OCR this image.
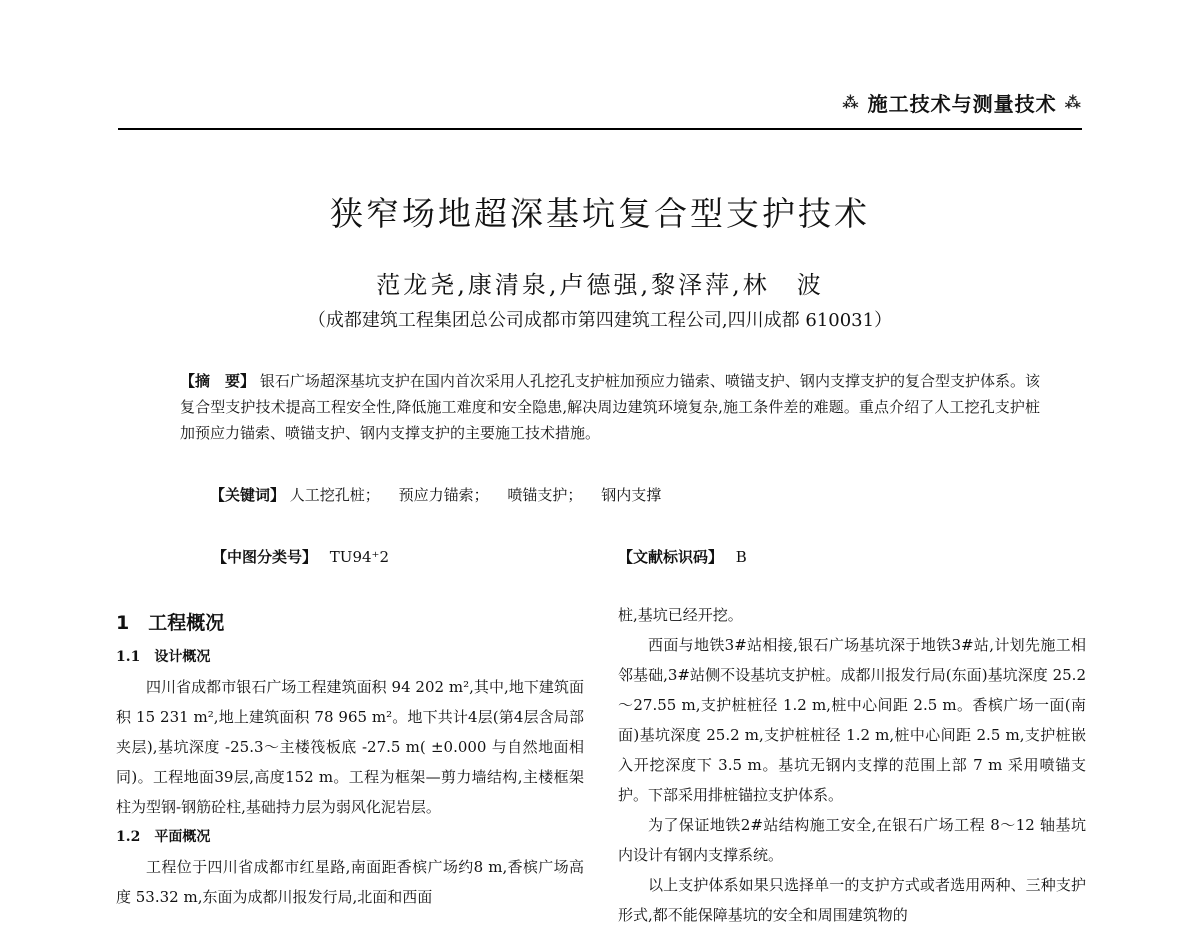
⁂ 施工技术与测量技术 ⁂
狭窄场地超深基坑复合型支护技术
范龙尧,康清泉,卢德强,黎泽萍,林　波
（成都建筑工程集团总公司成都市第四建筑工程公司,四川成都 610031）
【摘　要】 银石广场超深基坑支护在国内首次采用人孔挖孔支护桩加预应力锚索、喷锚支护、钢内支撑支护的复合型支护体系。该复合型支护技术提高工程安全性,降低施工难度和安全隐患,解决周边建筑环境复杂,施工条件差的难题。重点介绍了人工挖孔支护桩加预应力锚索、喷锚支护、钢内支撑支护的主要施工技术措施。
【关键词】 人工挖孔桩； 预应力锚索； 喷锚支护； 钢内支撑
【中图分类号】 TU94⁺2	【文献标识码】 B
1　工程概况
1.1　设计概况

四川省成都市银石广场工程建筑面积 94 202 m²,其中,地下建筑面积 15 231 m²,地上建筑面积 78 965 m²。地下共计4层(第4层含局部夹层),基坑深度 -25.3～主楼筏板底 -27.5 m( ±0.000 与自然地面相同)。工程地面39层,高度152 m。工程为框架—剪力墙结构,主楼框架柱为型钢-钢筋砼柱,基础持力层为弱风化泥岩层。

1.2　平面概况

工程位于四川省成都市红星路,南面距香槟广场约8 m,香槟广场高度 53.32 m,东面为成都川报发行局,北面和西面

桩,基坑已经开挖。

西面与地铁3#站相接,银石广场基坑深于地铁3#站,计划先施工相邻基础,3#站侧不设基坑支护桩。成都川报发行局(东面)基坑深度 25.2～27.55 m,支护桩桩径 1.2 m,桩中心间距 2.5 m。香槟广场一面(南面)基坑深度 25.2 m,支护桩桩径 1.2 m,桩中心间距 2.5 m,支护桩嵌入开挖深度下 3.5 m。基坑无钢内支撑的范围上部 7 m 采用喷锚支护。下部采用排桩锚拉支护体系。

为了保证地铁2#站结构施工安全,在银石广场工程 8～12 轴基坑内设计有钢内支撑系统。

以上支护体系如果只选择单一的支护方式或者选用两种、三种支护形式,都不能保障基坑的安全和周围建筑物的
